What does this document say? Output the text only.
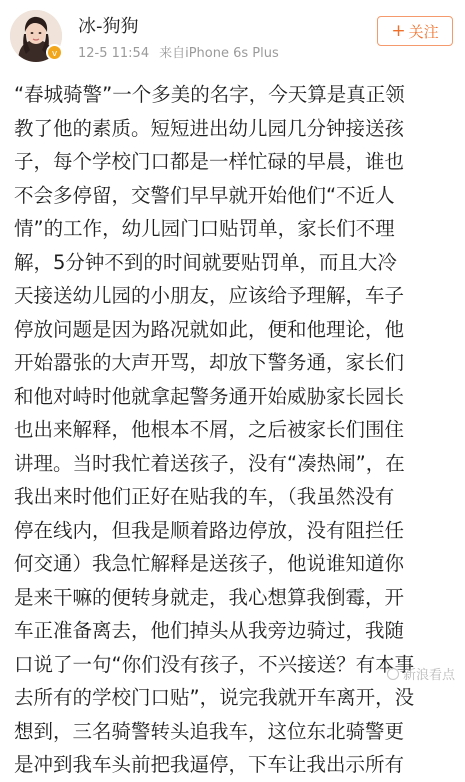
v
冰-狗狗
12-5 11:54 来自iPhone 6s Plus
+ 关注
“春城骑警”一个多美的名字，今天算是真正领
教了他的素质。短短进出幼儿园几分钟接送孩
子，每个学校门口都是一样忙碌的早晨，谁也
不会多停留，交警们早早就开始他们“不近人
情”的工作，幼儿园门口贴罚单，家长们不理
解，5分钟不到的时间就要贴罚单，而且大冷
天接送幼儿园的小朋友，应该给予理解，车子
停放问题是因为路况就如此，便和他理论，他
开始嚣张的大声开骂，却放下警务通，家长们
和他对峙时他就拿起警务通开始威胁家长园长
也出来解释，他根本不屑，之后被家长们围住
讲理。当时我忙着送孩子，没有“凑热闹”，在
我出来时他们正好在贴我的车，（我虽然没有
停在线内，但我是顺着路边停放，没有阻拦任
何交通）我急忙解释是送孩子，他说谁知道你
是来干嘛的便转身就走，我心想算我倒霉，开
车正准备离去，他们掉头从我旁边骑过，我随
口说了一句“你们没有孩子，不兴接送？有本事
去所有的学校门口贴”，说完我就开车离开，没
想到，三名骑警转头追我车，这位东北骑警更
是冲到我车头前把我逼停，下车让我出示所有
新浪看点
